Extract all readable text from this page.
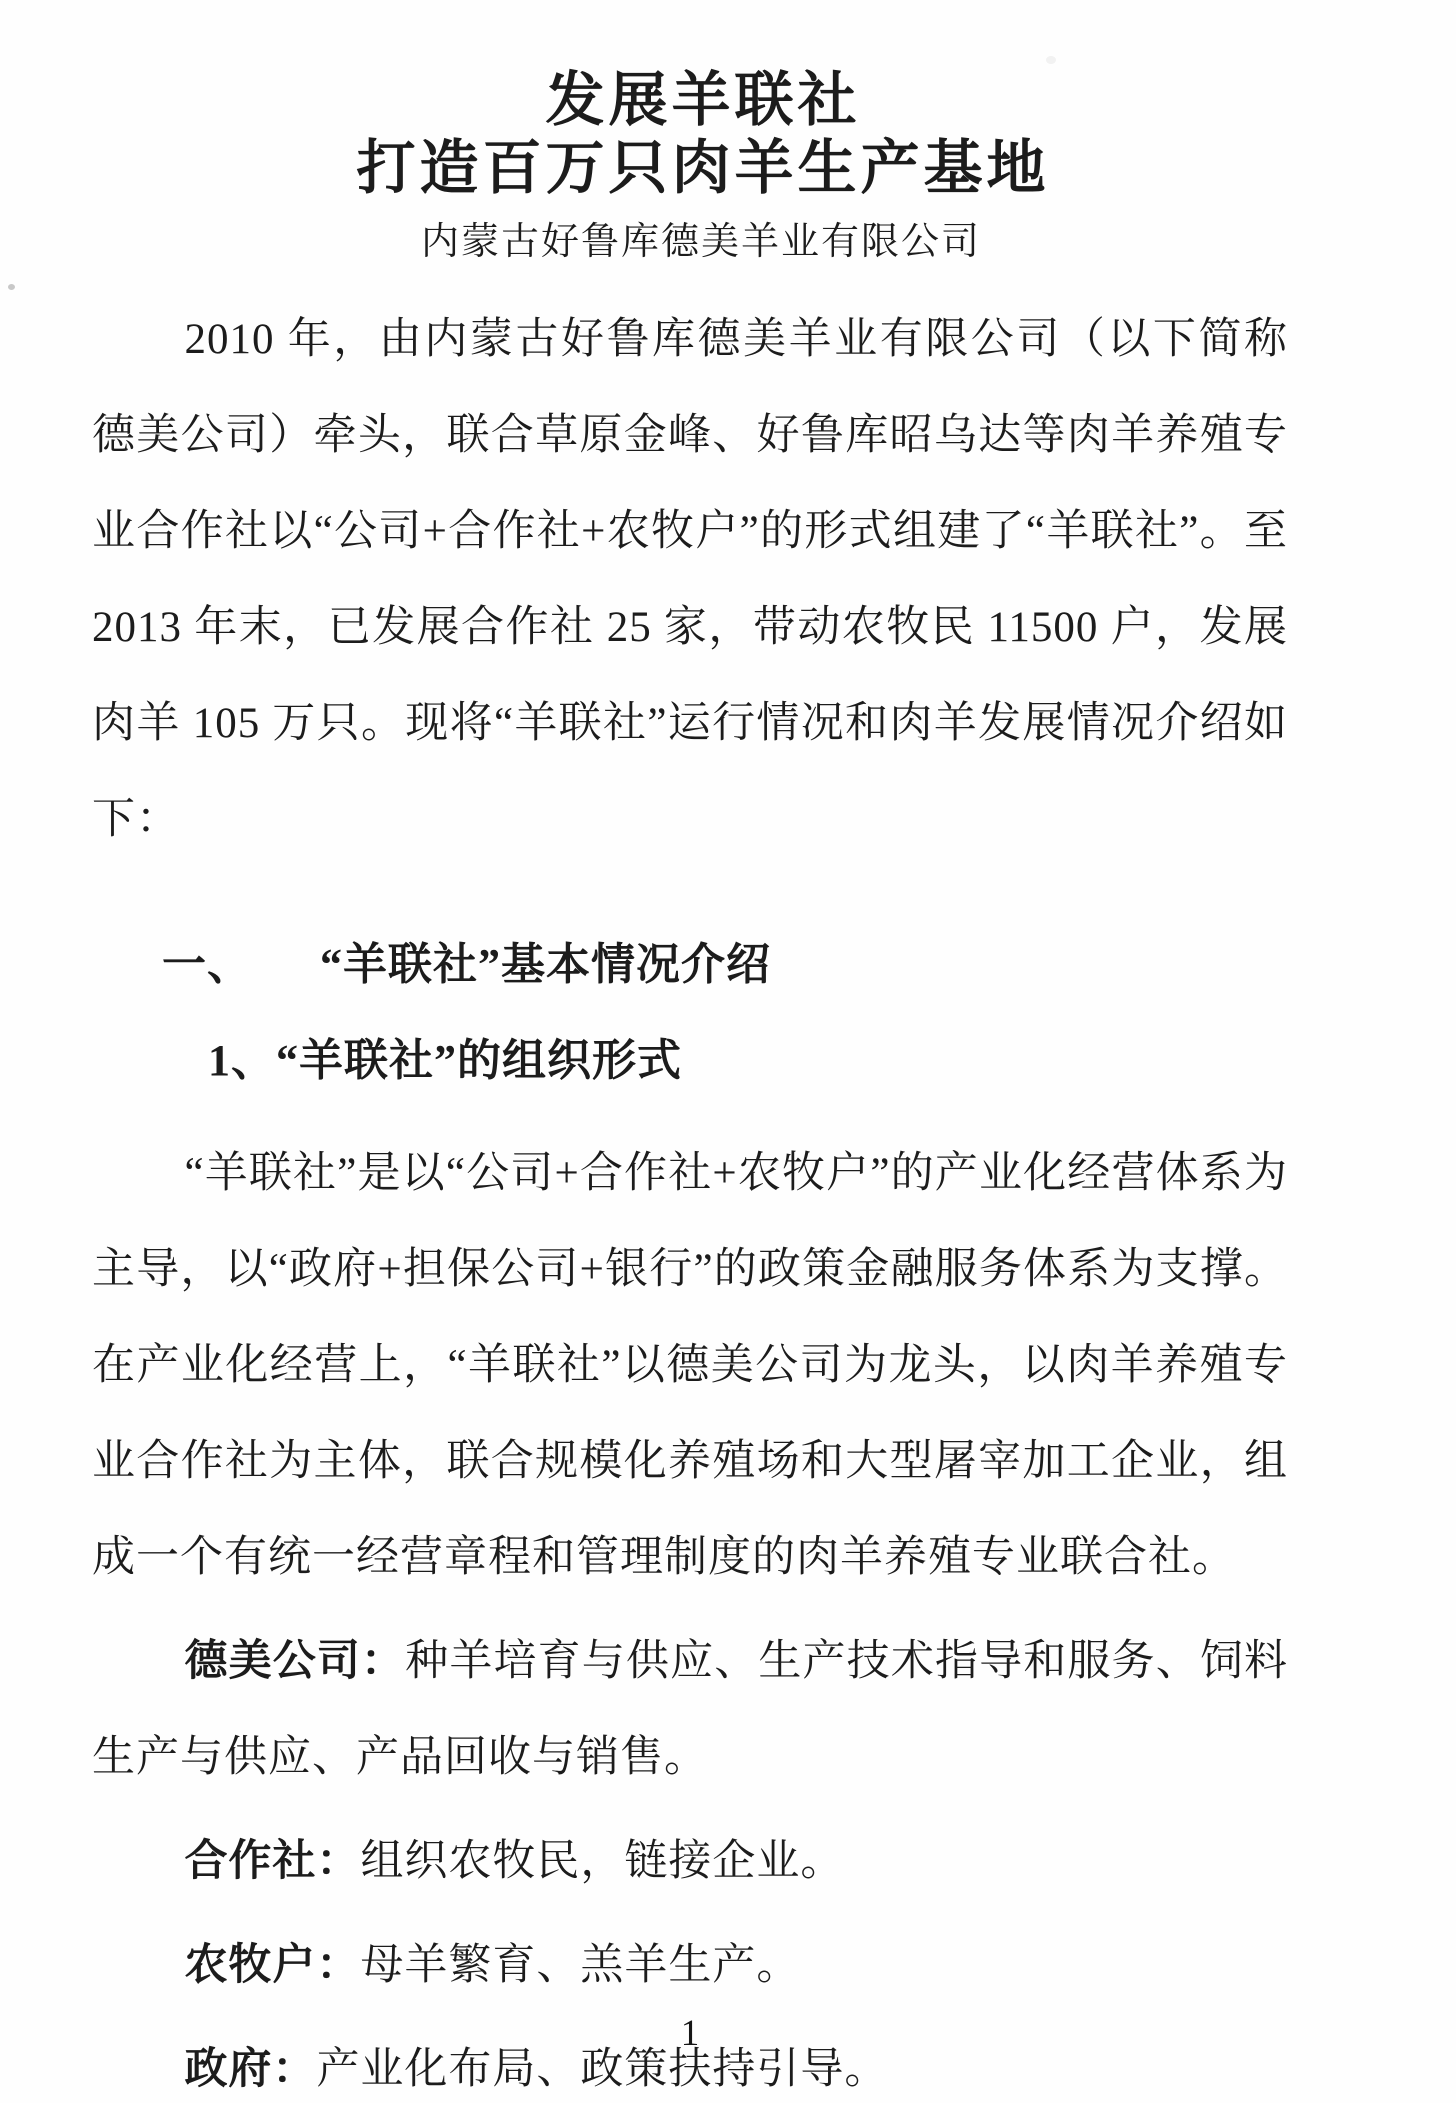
发展羊联社
打造百万只肉羊生产基地
内蒙古好鲁库德美羊业有限公司

2010 年，由内蒙古好鲁库德美羊业有限公司（以下简称德美公司）牵头，联合草原金峰、好鲁库昭乌达等肉羊养殖专业合作社以“公司+合作社+农牧户”的形式组建了“羊联社”。至 2013 年末，已发展合作社 25 家，带动农牧民 11500 户，发展肉羊 105 万只。现将“羊联社”运行情况和肉羊发展情况介绍如下：

一、　　“羊联社”基本情况介绍
1、“羊联社”的组织形式

“羊联社”是以“公司+合作社+农牧户”的产业化经营体系为主导，以“政府+担保公司+银行”的政策金融服务体系为支撑。在产业化经营上，“羊联社”以德美公司为龙头，以肉羊养殖专业合作社为主体，联合规模化养殖场和大型屠宰加工企业，组成一个有统一经营章程和管理制度的肉羊养殖专业联合社。

德美公司：种羊培育与供应、生产技术指导和服务、饲料生产与供应、产品回收与销售。

合作社：组织农牧民，链接企业。

农牧户：母羊繁育、羔羊生产。

政府：产业化布局、政策扶持引导。

1
